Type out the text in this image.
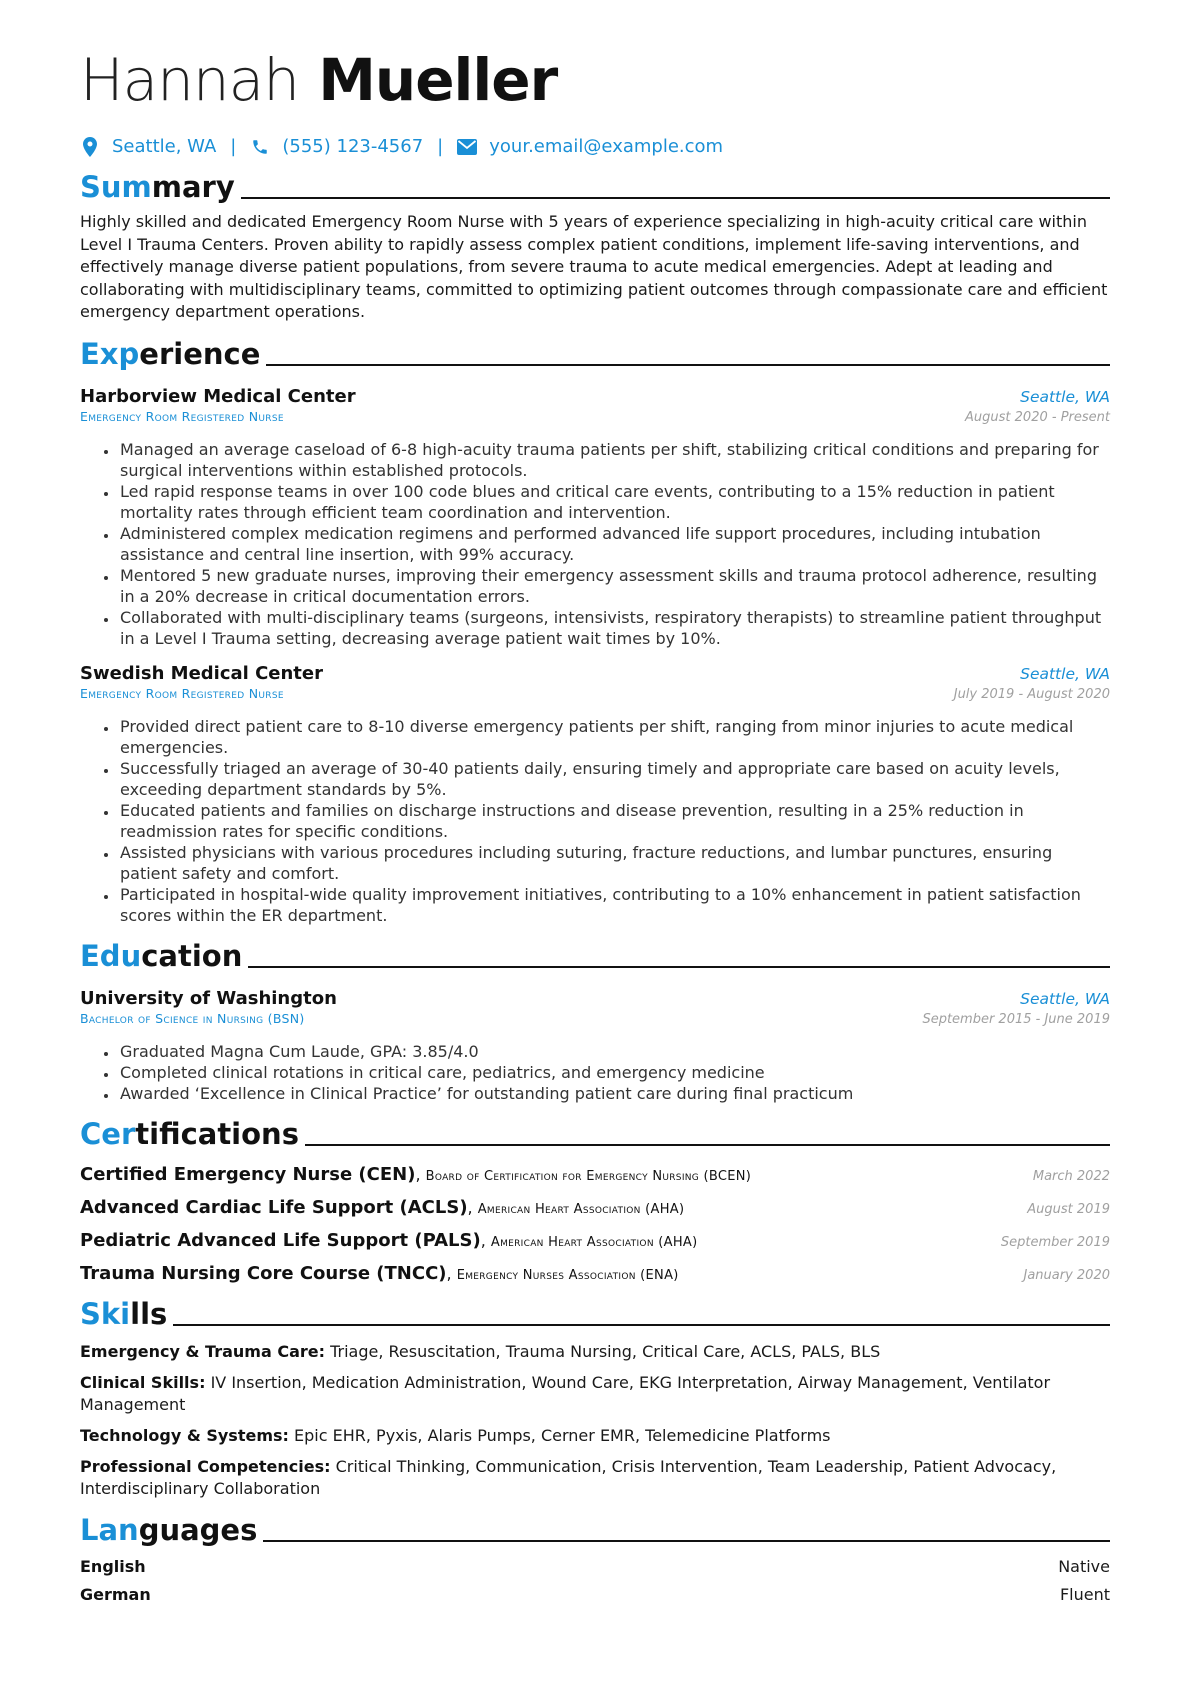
Hannah Mueller
Seattle, WA |	(555) 123-4567 |	your.email@example.com
Summary
Highly skilled and dedicated Emergency Room Nurse with 5 years of experience specializing in high-acuity critical care within Level I Trauma Centers. Proven ability to rapidly assess complex patient conditions, implement life-saving interventions, and effectively manage diverse patient populations, from severe trauma to acute medical emergencies. Adept at leading and collaborating with multidisciplinary teams, committed to optimizing patient outcomes through compassionate care and efficient emergency department operations.
Experience
Harborview Medical Center	Seattle, WA
Emergency Room Registered Nurse	August 2020 - Present
• Managed an average caseload of 6-8 high-acuity trauma patients per shift, stabilizing critical conditions and preparing for surgical interventions within established protocols.
• Led rapid response teams in over 100 code blues and critical care events, contributing to a 15% reduction in patient mortality rates through efficient team coordination and intervention.
• Administered complex medication regimens and performed advanced life support procedures, including intubation assistance and central line insertion, with 99% accuracy.
• Mentored 5 new graduate nurses, improving their emergency assessment skills and trauma protocol adherence, resulting in a 20% decrease in critical documentation errors.
• Collaborated with multi-disciplinary teams (surgeons, intensivists, respiratory therapists) to streamline patient throughput in a Level I Trauma setting, decreasing average patient wait times by 10%.
Swedish Medical Center	Seattle, WA
Emergency Room Registered Nurse	July 2019 - August 2020
• Provided direct patient care to 8-10 diverse emergency patients per shift, ranging from minor injuries to acute medical emergencies.
• Successfully triaged an average of 30-40 patients daily, ensuring timely and appropriate care based on acuity levels, exceeding department standards by 5%.
• Educated patients and families on discharge instructions and disease prevention, resulting in a 25% reduction in readmission rates for specific conditions.
• Assisted physicians with various procedures including suturing, fracture reductions, and lumbar punctures, ensuring patient safety and comfort.
• Participated in hospital-wide quality improvement initiatives, contributing to a 10% enhancement in patient satisfaction scores within the ER department.
Education
University of Washington	Seattle, WA
Bachelor of Science in Nursing (BSN)	September 2015 - June 2019
• Graduated Magna Cum Laude, GPA: 3.85/4.0
• Completed clinical rotations in critical care, pediatrics, and emergency medicine
• Awarded ‘Excellence in Clinical Practice’ for outstanding patient care during final practicum
Certifications
Certified Emergency Nurse (CEN), Board of Certification for Emergency Nursing (BCEN)	March 2022
Advanced Cardiac Life Support (ACLS), American Heart Association (AHA)	August 2019
Pediatric Advanced Life Support (PALS), American Heart Association (AHA)	September 2019
Trauma Nursing Core Course (TNCC), Emergency Nurses Association (ENA)	January 2020
Skills
Emergency & Trauma Care: Triage, Resuscitation, Trauma Nursing, Critical Care, ACLS, PALS, BLS
Clinical Skills: IV Insertion, Medication Administration, Wound Care, EKG Interpretation, Airway Management, Ventilator Management
Technology & Systems: Epic EHR, Pyxis, Alaris Pumps, Cerner EMR, Telemedicine Platforms
Professional Competencies: Critical Thinking, Communication, Crisis Intervention, Team Leadership, Patient Advocacy, Interdisciplinary Collaboration
Languages
English	Native
German	Fluent
